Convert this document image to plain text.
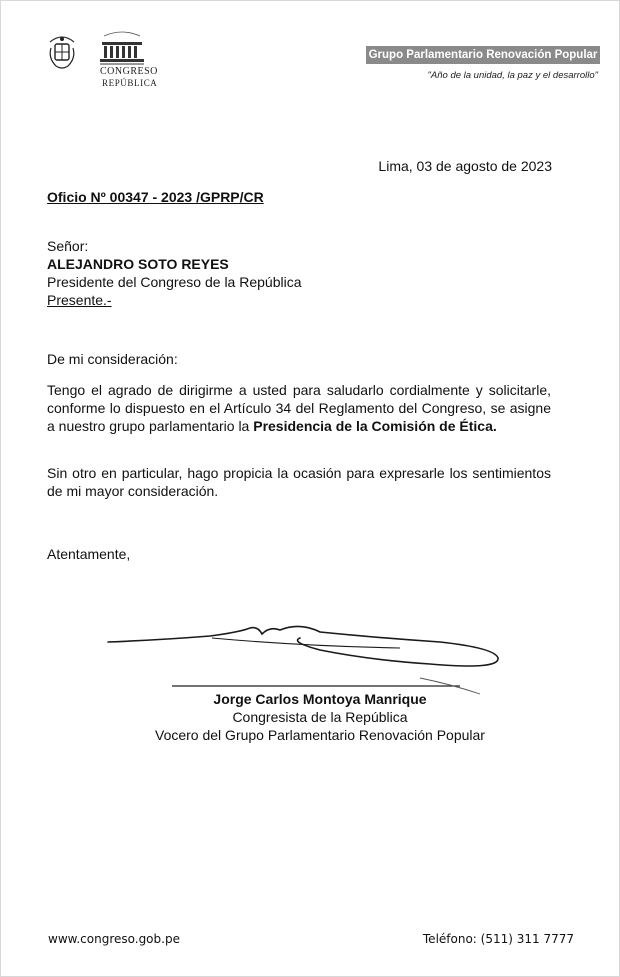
CONGRESO
REPÚBLICA
Grupo Parlamentario Renovación Popular
"Año de la unidad, la paz y el desarrollo"
Lima, 03 de agosto de 2023
Oficio Nº 00347 - 2023 /GPRP/CR
Señor:
ALEJANDRO SOTO REYES
Presidente del Congreso de la República
Presente.-
De mi consideración:
Tengo el agrado de dirigirme a usted para saludarlo cordialmente y solicitarle, conforme lo dispuesto en el Artículo 34 del Reglamento del Congreso, se asigne a nuestro grupo parlamentario la Presidencia de la Comisión de Ética.
Sin otro en particular, hago propicia la ocasión para expresarle los sentimientos de mi mayor consideración.
Atentamente,
Jorge Carlos Montoya Manrique
Congresista de la República
Vocero del Grupo Parlamentario Renovación Popular
www.congreso.gob.pe	Teléfono: (511) 311 7777
